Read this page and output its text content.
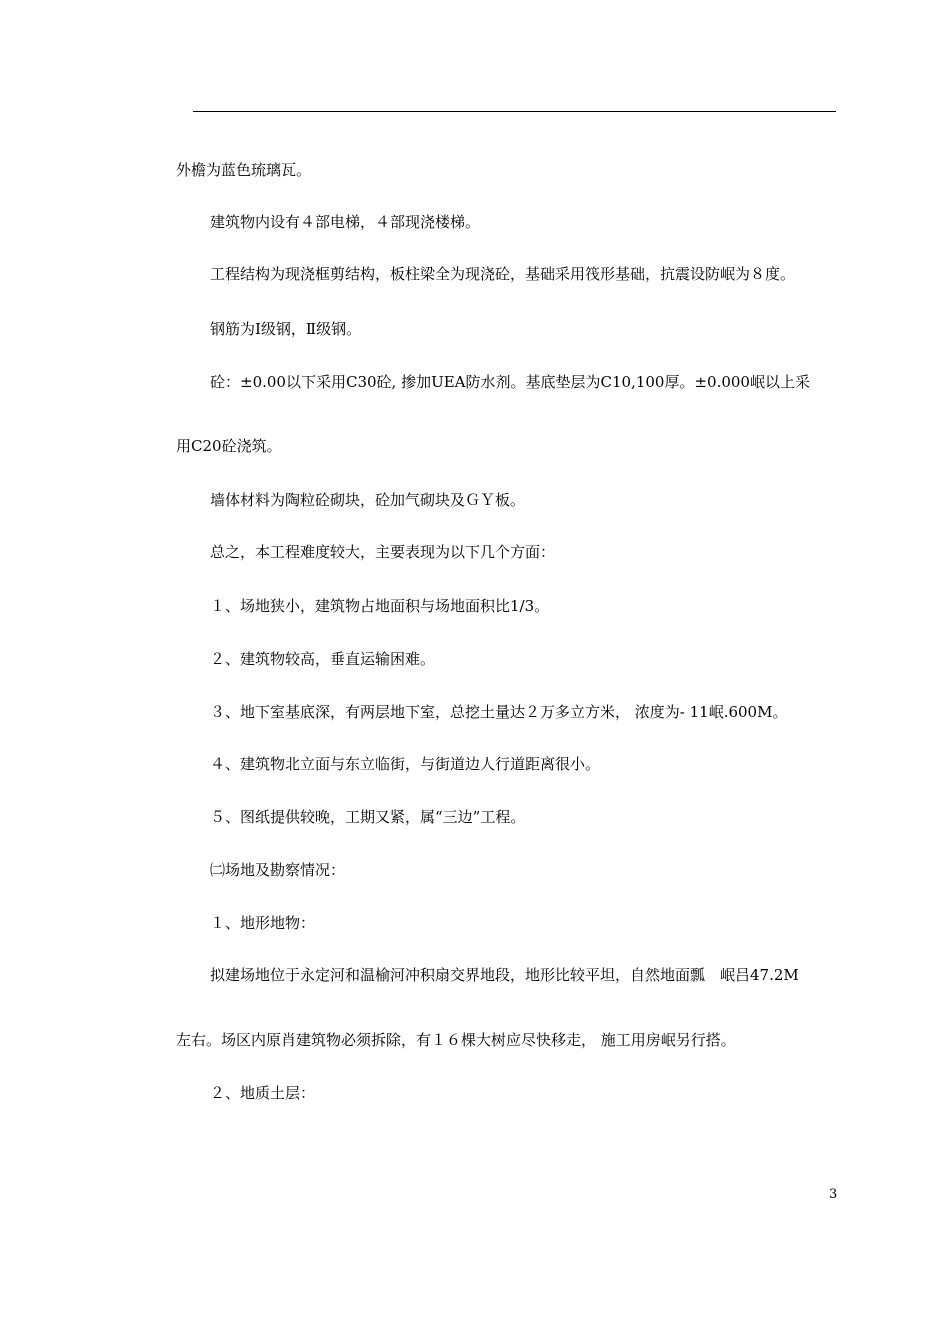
外檐为蓝色琉璃瓦。
建筑物内设有４部电梯，４部现浇楼梯。
工程结构为现浇框剪结构，板柱梁全为现浇砼，基础采用筏形基础，抗震设防岷为８度。
钢筋为Ⅰ级钢，Ⅱ级钢。
砼：±0.00以下采用C30砼, 掺加UEA防水剂。基底垫层为C10,100厚。±0.000岷以上采
用C20砼浇筑。
墙体材料为陶粒砼砌块，砼加气砌块及ＧＹ板。
总之，本工程难度较大，主要表现为以下几个方面：
１、场地狭小，建筑物占地面积与场地面积比1/3。
２、建筑物较高，垂直运输困难。
３、地下室基底深，有两层地下室，总挖土量达２万多立方米， 浓度为- 11岷.600M。
４、建筑物北立面与东立临街，与街道边人行道距离很小。
５、图纸提供较晚，工期又紧，属“三边”工程。
㈡场地及勘察情况：
１、地形地物：
拟建场地位于永定河和温榆河冲积扇交界地段，地形比较平坦，自然地面瓢　岷吕47.2M
左右。场区内原肖建筑物必须拆除，有１６棵大树应尽快移走， 施工用房岷另行搭。
２、地质土层：
3
